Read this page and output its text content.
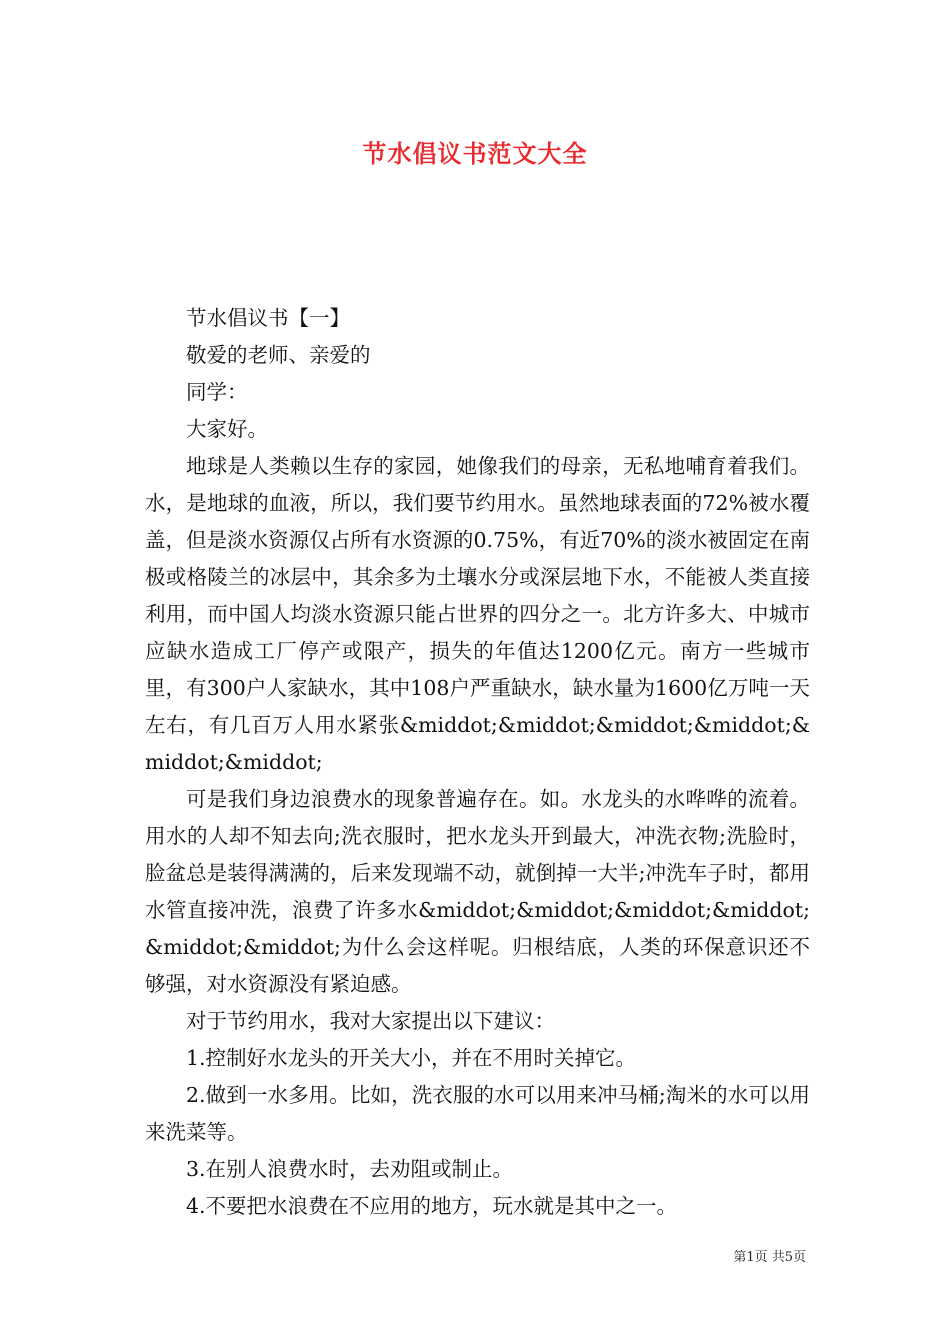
节水倡议书范文大全

节水倡议书【一】

敬爱的老师、亲爱的

同学：

大家好。

地球是人类赖以生存的家园，她像我们的母亲，无私地哺育着我们。水，是地球的血液，所以，我们要节约用水。虽然地球表面的72%被水覆盖，但是淡水资源仅占所有水资源的0.75%，有近70%的淡水被固定在南极或格陵兰的冰层中，其余多为土壤水分或深层地下水，不能被人类直接利用，而中国人均淡水资源只能占世界的四分之一。北方许多大、中城市应缺水造成工厂停产或限产，损失的年值达1200亿元。南方一些城市里，有300户人家缺水，其中108户严重缺水，缺水量为1600亿万吨一天左右，有几百万人用水紧张&middot;&middot;&middot;&middot;&middot;&middot;

可是我们身边浪费水的现象普遍存在。如。水龙头的水哗哗的流着。用水的人却不知去向;洗衣服时，把水龙头开到最大，冲洗衣物;洗脸时，脸盆总是装得满满的，后来发现端不动，就倒掉一大半;冲洗车子时，都用水管直接冲洗，浪费了许多水&middot;&middot;&middot;&middot;&middot;&middot;为什么会这样呢。归根结底，人类的环保意识还不够强，对水资源没有紧迫感。

对于节约用水，我对大家提出以下建议：

1.控制好水龙头的开关大小，并在不用时关掉它。

2.做到一水多用。比如，洗衣服的水可以用来冲马桶;淘米的水可以用来洗菜等。

3.在别人浪费水时，去劝阻或制止。

4.不要把水浪费在不应用的地方，玩水就是其中之一。

第1页 共5页
